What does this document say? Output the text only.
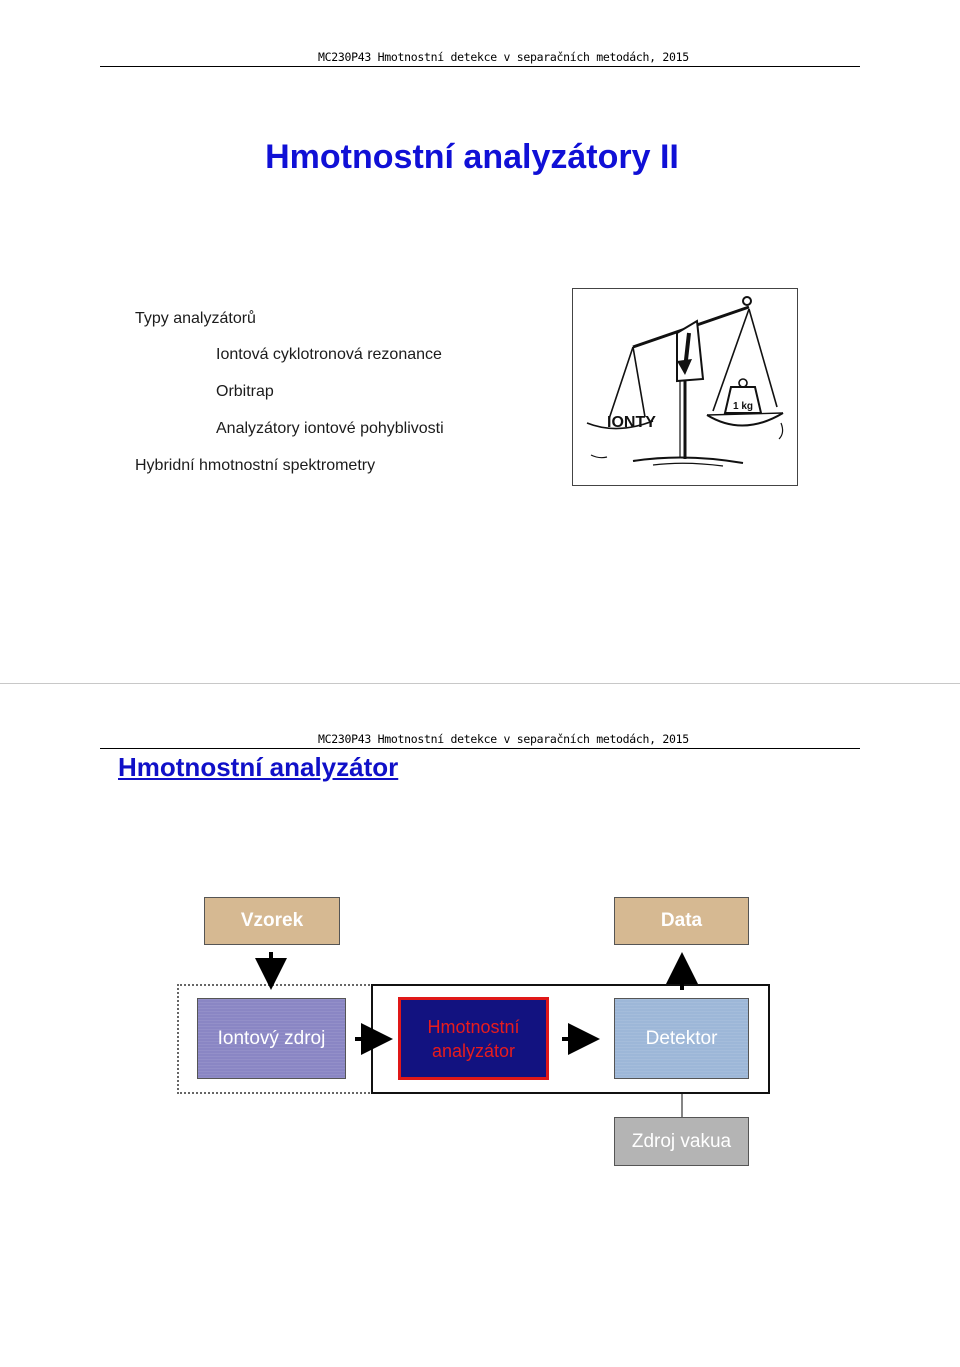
MC230P43 Hmotnostní detekce v separačních metodách, 2015
Hmotnostní analyzátory II
Typy analyzátorů
Iontová cyklotronová rezonance
Orbitrap
Analyzátory iontové pohyblivosti
Hybridní hmotnostní spektrometry
1 kg
IONTY
MC230P43 Hmotnostní detekce v separačních metodách, 2015
Hmotnostní analyzátor
Vzorek	Data
Iontový zdroj
Hmotnostní
analyzátor
Detektor
Zdroj vakua
